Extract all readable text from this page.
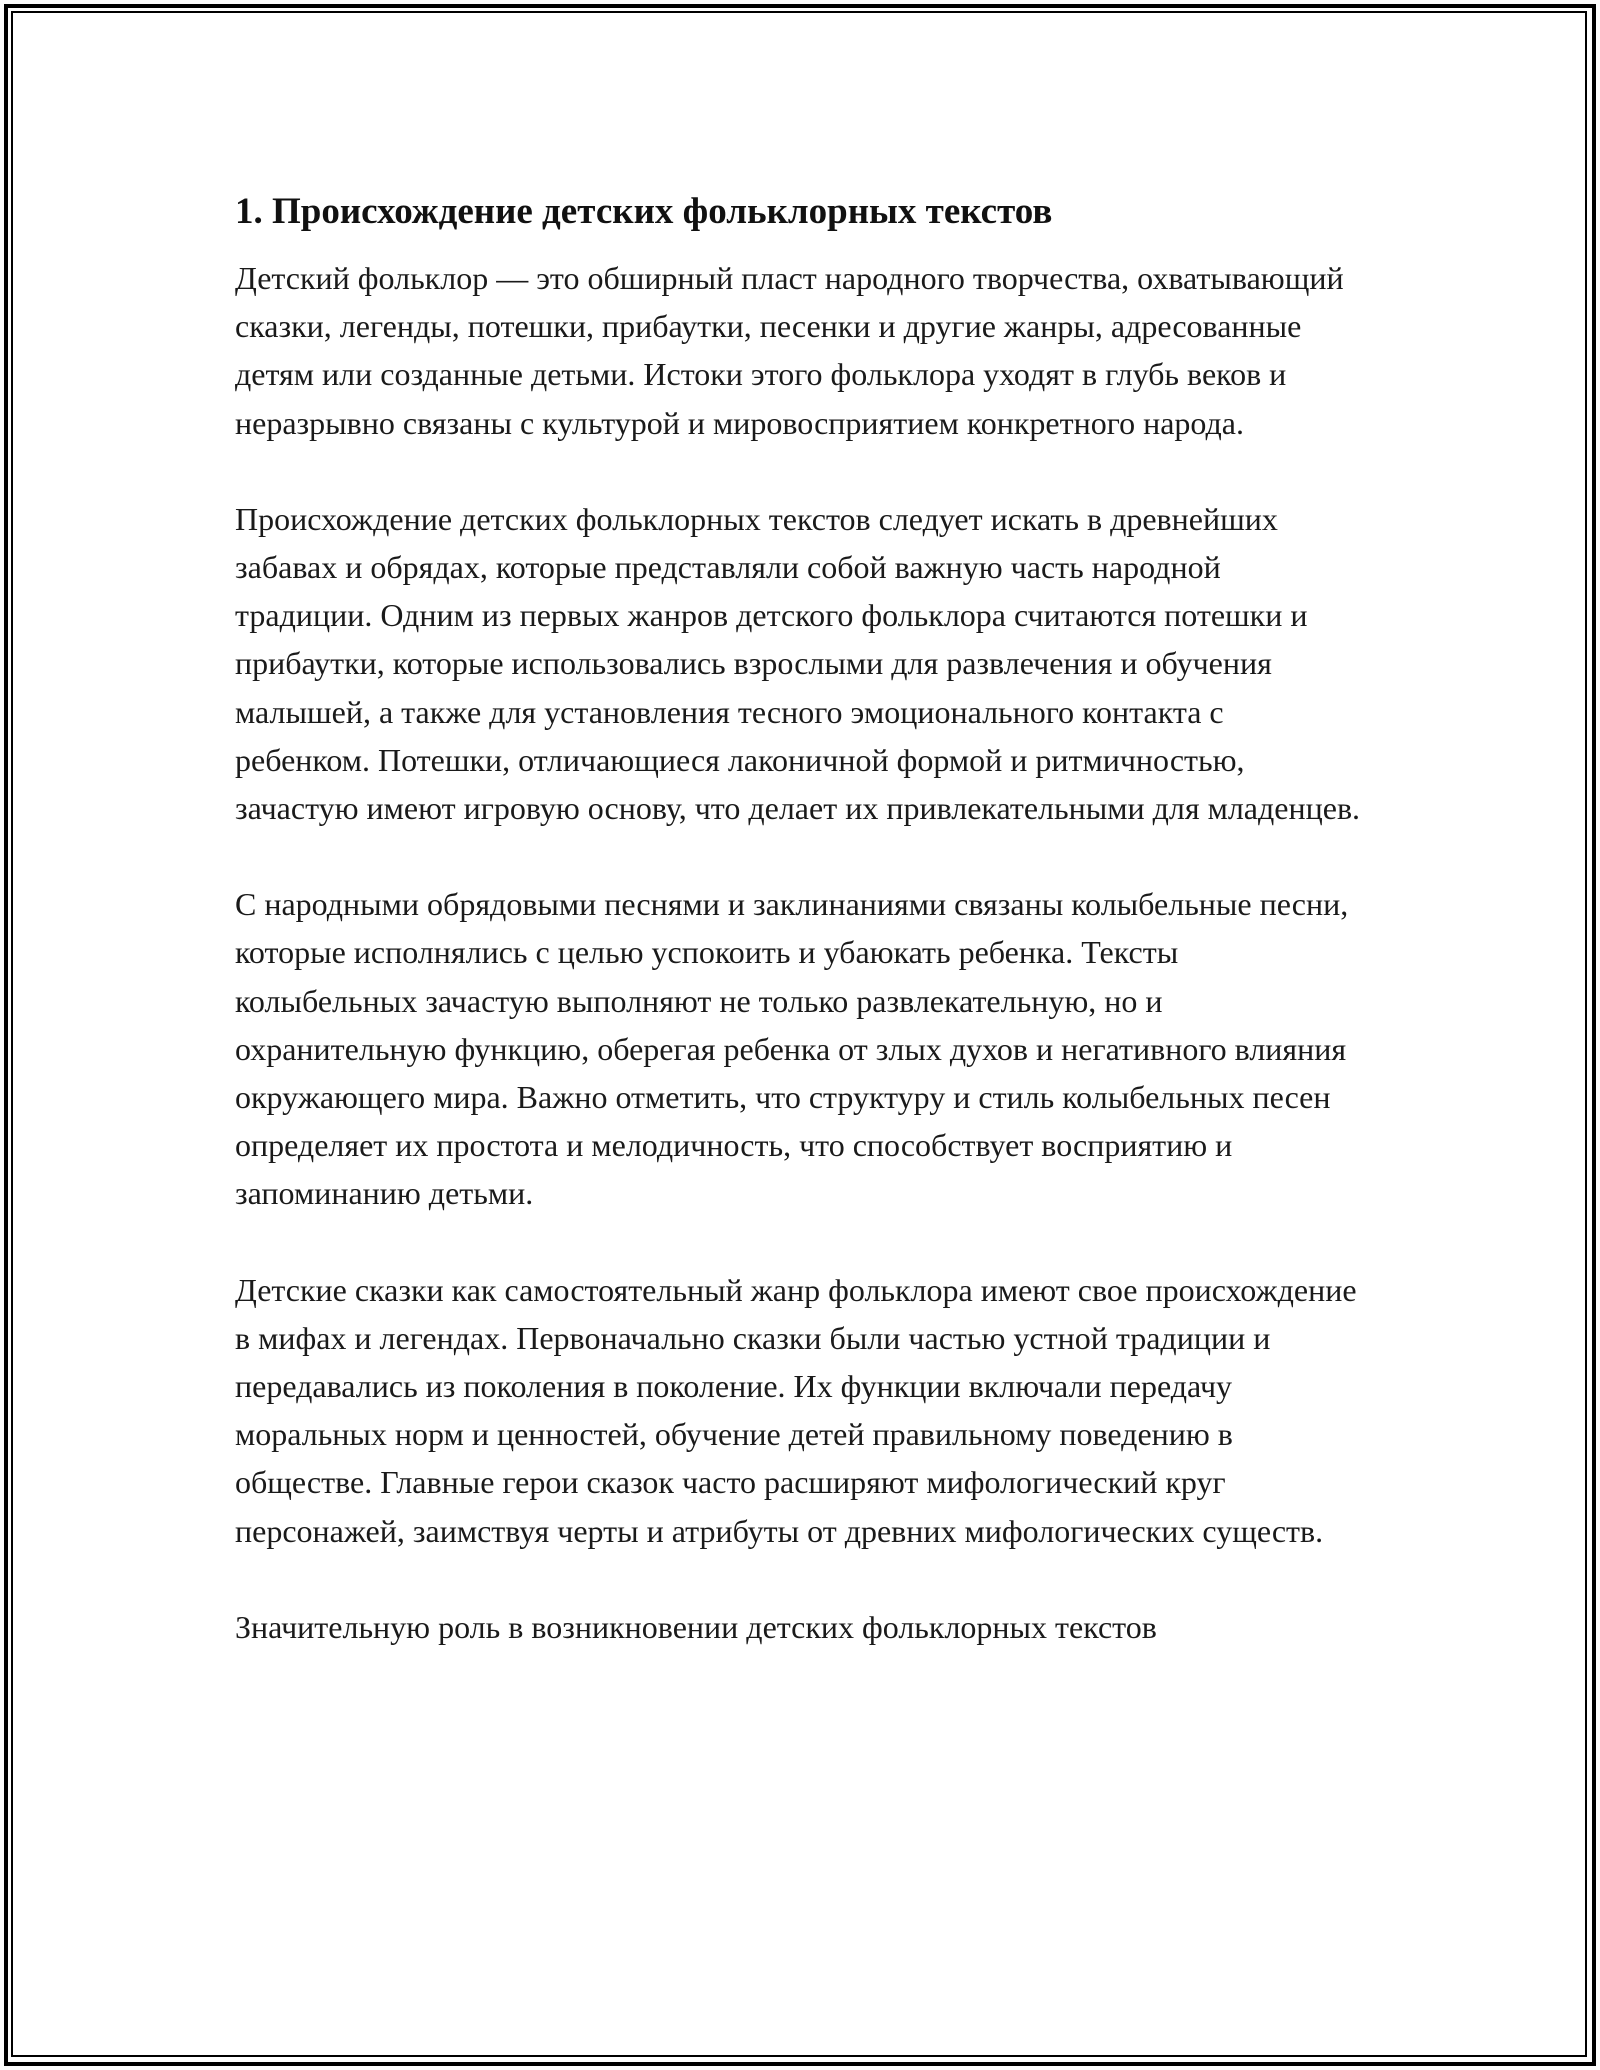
1. Происхождение детских фольклорных текстов

Детский фольклор — это обширный пласт народного творчества, охватывающий сказки, легенды, потешки, прибаутки, песенки и другие жанры, адресованные детям или созданные детьми. Истоки этого фольклора уходят в глубь веков и неразрывно связаны с культурой и мировосприятием конкретного народа.

Происхождение детских фольклорных текстов следует искать в древнейших забавах и обрядах, которые представляли собой важную часть народной традиции. Одним из первых жанров детского фольклора считаются потешки и прибаутки, которые использовались взрослыми для развлечения и обучения малышей, а также для установления тесного эмоционального контакта с ребенком. Потешки, отличающиеся лаконичной формой и ритмичностью, зачастую имеют игровую основу, что делает их привлекательными для младенцев.

С народными обрядовыми песнями и заклинаниями связаны колыбельные песни, которые исполнялись с целью успокоить и убаюкать ребенка. Тексты колыбельных зачастую выполняют не только развлекательную, но и охранительную функцию, оберегая ребенка от злых духов и негативного влияния окружающего мира. Важно отметить, что структуру и стиль колыбельных песен определяет их простота и мелодичность, что способствует восприятию и запоминанию детьми.

Детские сказки как самостоятельный жанр фольклора имеют свое происхождение в мифах и легендах. Первоначально сказки были частью устной традиции и передавались из поколения в поколение. Их функции включали передачу моральных норм и ценностей, обучение детей правильному поведению в обществе. Главные герои сказок часто расширяют мифологический круг персонажей, заимствуя черты и атрибуты от древних мифологических существ.

Значительную роль в возникновении детских фольклорных текстов
